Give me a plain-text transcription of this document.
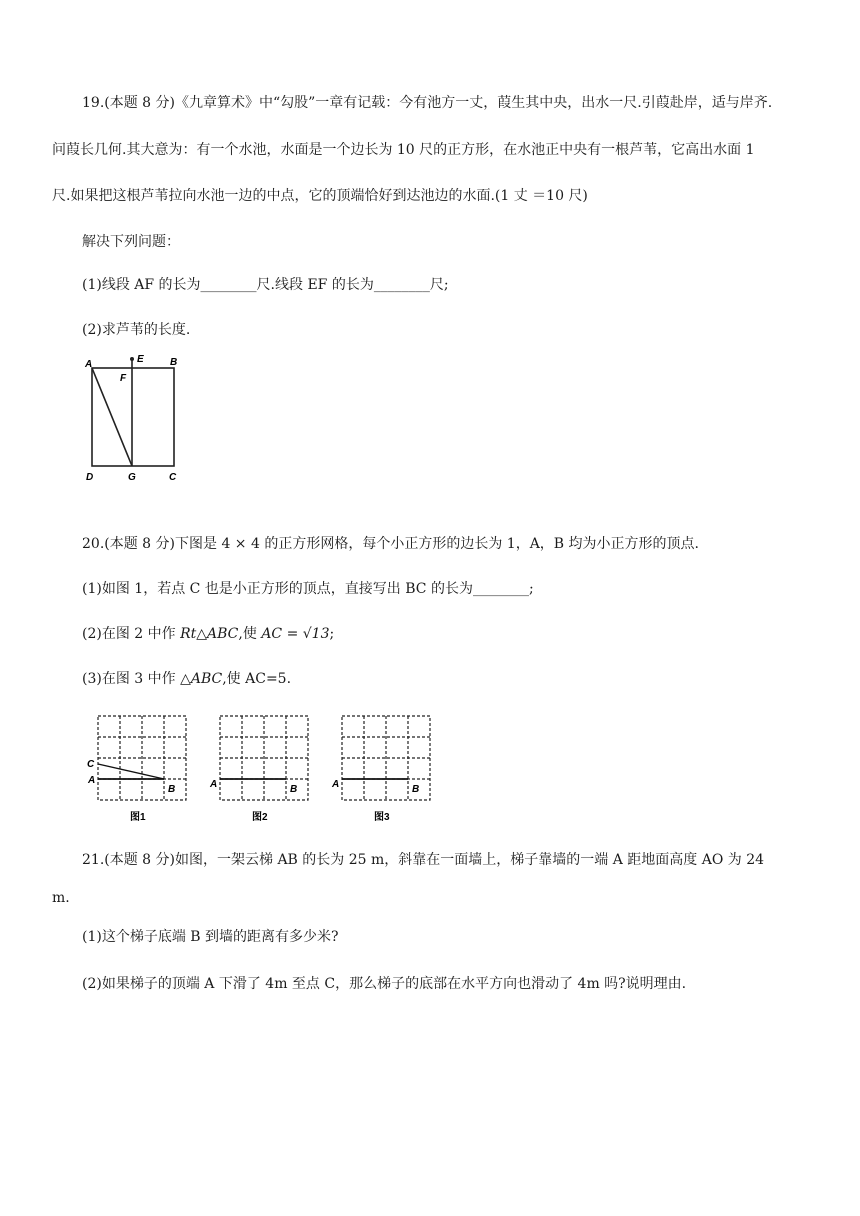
19.(本题 8 分)《九章算术》中“勾股”一章有记载：今有池方一丈，葭生其中央，出水一尺.引葭赴岸，适与岸齐.
问葭长几何.其大意为：有一个水池，水面是一个边长为 10 尺的正方形，在水池正中央有一根芦苇，它高出水面 1
尺.如果把这根芦苇拉向水池一边的中点，它的顶端恰好到达池边的水面.(1 丈 ＝10 尺)
解决下列问题：
(1)线段 AF 的长为________尺.线段 EF 的长为________尺;
(2)求芦苇的长度.
A	E	B
F
D	G	C
20.(本题 8 分)下图是 4 × 4 的正方形网格，每个小正方形的边长为 1，A，B 均为小正方形的顶点.
(1)如图 1，若点 C 也是小正方形的顶点，直接写出 BC 的长为________;
(2)在图 2 中作 Rt△ABC,使 AC = √13;
(3)在图 3 中作 △ABC,使 AC=5.
C
A
B
图1
A	B
图2
A	B
图3
21.(本题 8 分)如图，一架云梯 AB 的长为 25 m，斜靠在一面墙上，梯子靠墙的一端 A 距地面高度 AO 为 24
m.
(1)这个梯子底端 B 到墙的距离有多少米?
(2)如果梯子的顶端 A 下滑了 4m 至点 C，那么梯子的底部在水平方向也滑动了 4m 吗?说明理由.
